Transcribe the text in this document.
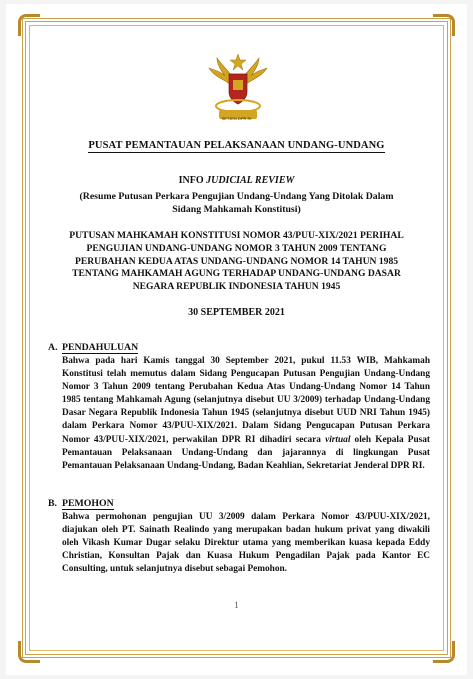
SETJEN DPR RI
PUSAT PEMANTAUAN PELAKSANAAN UNDANG-UNDANG
INFO JUDICIAL REVIEW
(Resume Putusan Perkara Pengujian Undang-Undang Yang Ditolak Dalam
Sidang Mahkamah Konstitusi)
PUTUSAN MAHKAMAH KONSTITUSI NOMOR 43/PUU-XIX/2021 PERIHAL
PENGUJIAN UNDANG-UNDANG NOMOR 3 TAHUN 2009 TENTANG
PERUBAHAN KEDUA ATAS UNDANG-UNDANG NOMOR 14 TAHUN 1985
TENTANG MAHKAMAH AGUNG TERHADAP UNDANG-UNDANG DASAR
NEGARA REPUBLIK INDONESIA TAHUN 1945
30 SEPTEMBER 2021
A. PENDAHULUAN
Bahwa pada hari Kamis tanggal 30 September 2021, pukul 11.53 WIB, Mahkamah Konstitusi telah memutus dalam Sidang Pengucapan Putusan Pengujian Undang-Undang Nomor 3 Tahun 2009 tentang Perubahan Kedua Atas Undang-Undang Nomor 14 Tahun 1985 tentang Mahkamah Agung (selanjutnya disebut UU 3/2009) terhadap Undang-Undang Dasar Negara Republik Indonesia Tahun 1945 (selanjutnya disebut UUD NRI Tahun 1945) dalam Perkara Nomor 43/PUU-XIX/2021. Dalam Sidang Pengucapan Putusan Perkara Nomor 43/PUU-XIX/2021, perwakilan DPR RI dihadiri secara virtual oleh Kepala Pusat Pemantauan Pelaksanaan Undang-Undang dan jajarannya di lingkungan Pusat Pemantauan Pelaksanaan Undang-Undang, Badan Keahlian, Sekretariat Jenderal DPR RI.
B. PEMOHON
Bahwa permohonan pengujian UU 3/2009 dalam Perkara Nomor 43/PUU-XIX/2021, diajukan oleh PT. Sainath Realindo yang merupakan badan hukum privat yang diwakili oleh Vikash Kumar Dugar selaku Direktur utama yang memberikan kuasa kepada Eddy Christian, Konsultan Pajak dan Kuasa Hukum Pengadilan Pajak pada Kantor EC Consulting, untuk selanjutnya disebut sebagai Pemohon.
1
